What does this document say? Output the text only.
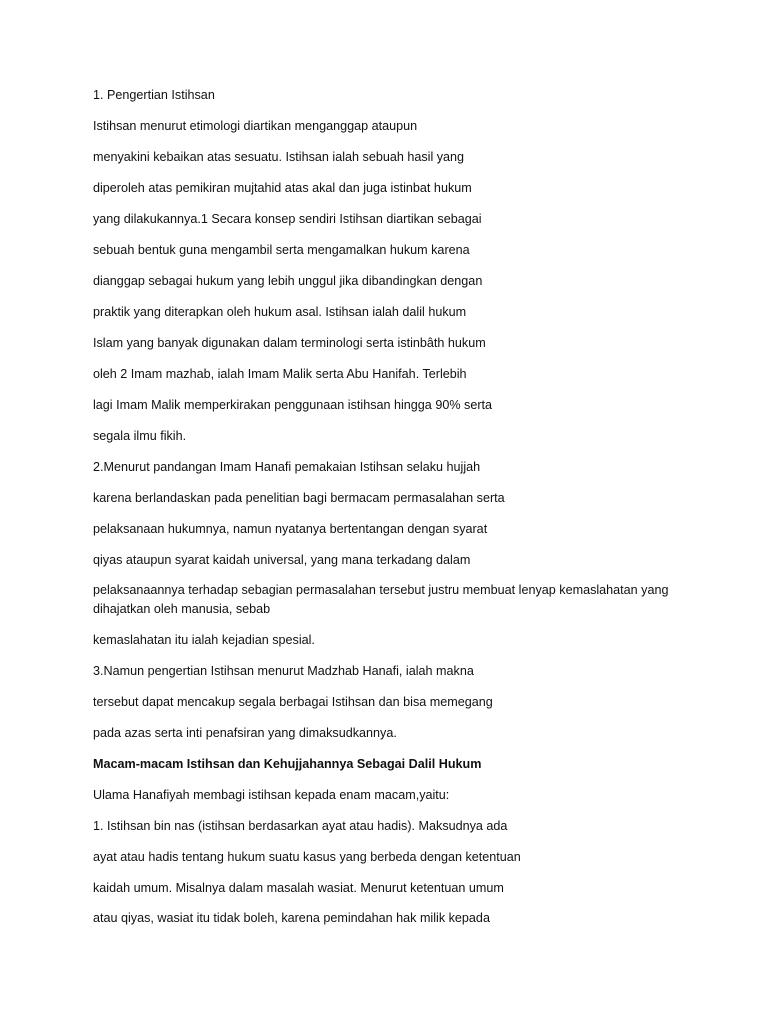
1. Pengertian Istihsan

Istihsan menurut etimologi diartikan menganggap ataupun

menyakini kebaikan atas sesuatu. Istihsan ialah sebuah hasil yang

diperoleh atas pemikiran mujtahid atas akal dan juga istinbat hukum

yang dilakukannya.1 Secara konsep sendiri Istihsan diartikan sebagai

sebuah bentuk guna mengambil serta mengamalkan hukum karena

dianggap sebagai hukum yang lebih unggul jika dibandingkan dengan

praktik yang diterapkan oleh hukum asal. Istihsan ialah dalil hukum

Islam yang banyak digunakan dalam terminologi serta istinbâth hukum

oleh 2 Imam mazhab, ialah Imam Malik serta Abu Hanifah. Terlebih

lagi Imam Malik memperkirakan penggunaan istihsan hingga 90% serta

segala ilmu fikih.

2.Menurut pandangan Imam Hanafi pemakaian Istihsan selaku hujjah

karena berlandaskan pada penelitian bagi bermacam permasalahan serta

pelaksanaan hukumnya, namun nyatanya bertentangan dengan syarat

qiyas ataupun syarat kaidah universal, yang mana terkadang dalam

pelaksanaannya terhadap sebagian permasalahan tersebut justru membuat lenyap kemaslahatan yang dihajatkan oleh manusia, sebab

kemaslahatan itu ialah kejadian spesial.

3.Namun pengertian Istihsan menurut Madzhab Hanafi, ialah makna

tersebut dapat mencakup segala berbagai Istihsan dan bisa memegang

pada azas serta inti penafsiran yang dimaksudkannya.

Macam-macam Istihsan dan Kehujjahannya Sebagai Dalil Hukum

Ulama Hanafiyah membagi istihsan kepada enam macam,yaitu:

1. Istihsan bin nas (istihsan berdasarkan ayat atau hadis). Maksudnya ada

ayat atau hadis tentang hukum suatu kasus yang berbeda dengan ketentuan

kaidah umum. Misalnya dalam masalah wasiat. Menurut ketentuan umum

atau qiyas, wasiat itu tidak boleh, karena pemindahan hak milik kepada
